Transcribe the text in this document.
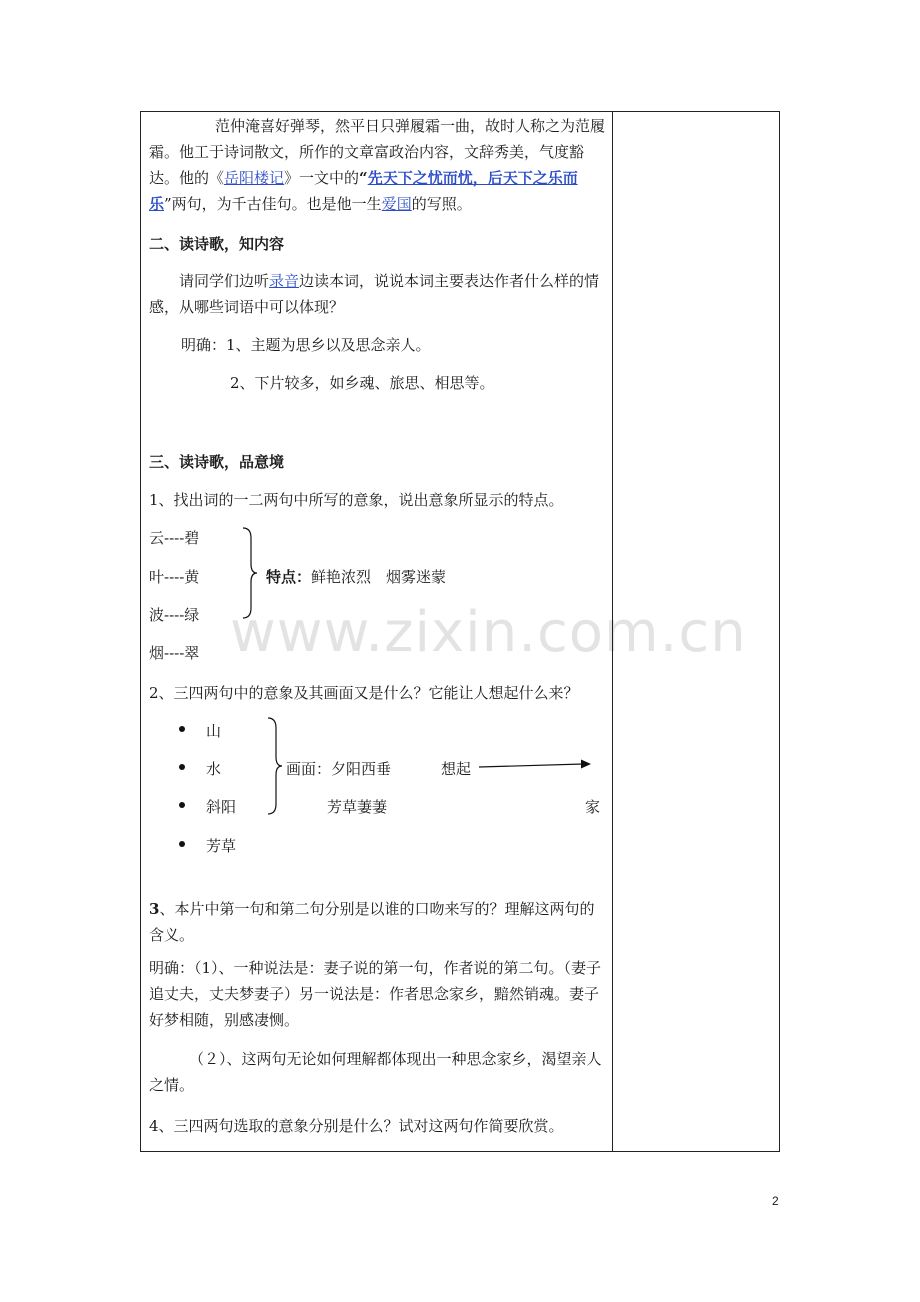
范仲淹喜好弹琴，然平日只弹履霜一曲，故时人称之为范履霜。他工于诗词散文，所作的文章富政治内容，文辞秀美，气度豁达。他的《岳阳楼记》一文中的“先天下之忧而忧，后天下之乐而乐”两句，为千古佳句。也是他一生爱国的写照。

二、读诗歌，知内容

请同学们边听录音边读本词，说说本词主要表达作者什么样的情感，从哪些词语中可以体现？

明确：1、主题为思乡以及思念亲人。
2、下片较多，如乡魂、旅思、相思等。
三、读诗歌，品意境
1、找出词的一二两句中所写的意象，说出意象所显示的特点。
云----碧
叶----黄
波----绿
烟----翠
特点：鲜艳浓烈　烟雾迷蒙
2、三四两句中的意象及其画面又是什么？它能让人想起什么来？
山
水
斜阳
芳草
画面：夕阳西垂	想起
芳草萋萋	家

3、本片中第一句和第二句分别是以谁的口吻来写的？理解这两句的含义。

明确：（1）、一种说法是：妻子说的第一句，作者说的第二句。（妻子追丈夫，丈夫梦妻子）另一说法是：作者思念家乡，黯然销魂。妻子好梦相随，别感凄恻。

（２）、这两句无论如何理解都体现出一种思念家乡，渴望亲人之情。

4、三四两句选取的意象分别是什么？试对这两句作简要欣赏。
www.zixin.com.cn
2
